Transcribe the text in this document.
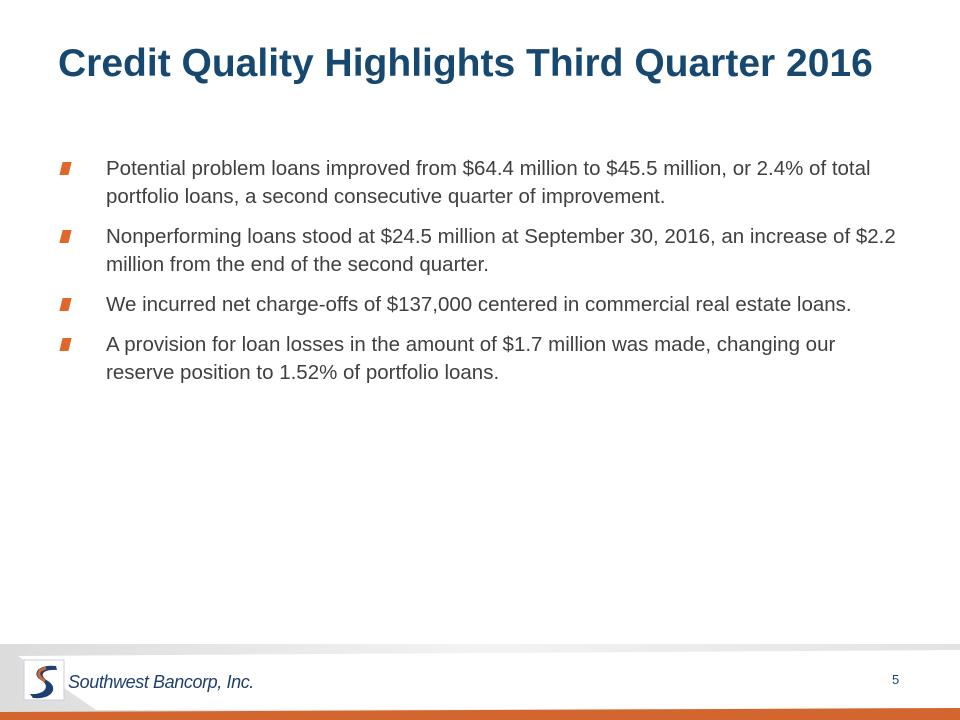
Credit Quality Highlights Third Quarter 2016
Potential problem loans improved from $64.4 million to $45.5 million, or 2.4% of total portfolio loans, a second consecutive quarter of improvement.
Nonperforming loans stood at $24.5 million at September 30, 2016, an increase of $2.2 million from the end of the second quarter.
We incurred net charge-offs of $137,000 centered in commercial real estate loans.
A provision for loan losses in the amount of $1.7 million was made, changing our reserve position to 1.52% of portfolio loans.
Southwest Bancorp, Inc.	5
